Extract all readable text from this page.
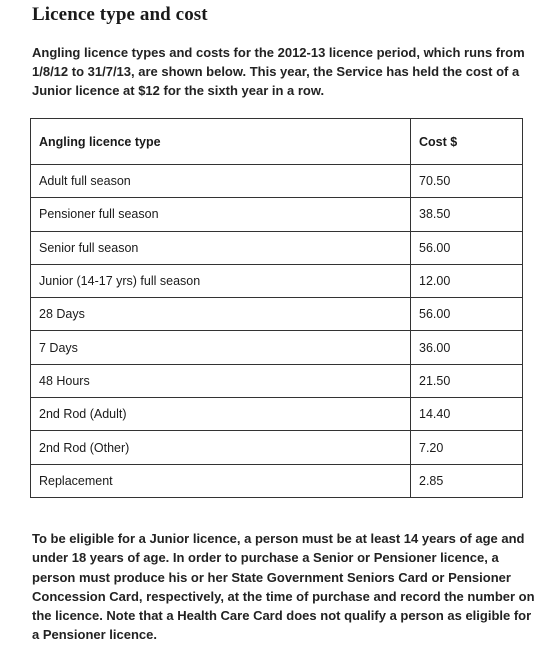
Licence type and cost

Angling licence types and costs for the 2012-13 licence period, which runs from 1/8/12 to 31/7/13, are shown below. This year, the Service has held the cost of a Junior licence at $12 for the sixth year in a row.

Angling licence type	Cost $
Adult full season	70.50
Pensioner full season	38.50
Senior full season	56.00
Junior (14-17 yrs) full season	12.00
28 Days	56.00
7 Days	36.00
48 Hours	21.50
2nd Rod (Adult)	14.40
2nd Rod (Other)	7.20
Replacement	2.85

To be eligible for a Junior licence, a person must be at least 14 years of age and under 18 years of age. In order to purchase a Senior or Pensioner licence, a person must produce his or her State Government Seniors Card or Pensioner Concession Card, respectively, at the time of purchase and record the number on the licence. Note that a Health Care Card does not qualify a person as eligible for a Pensioner licence.
